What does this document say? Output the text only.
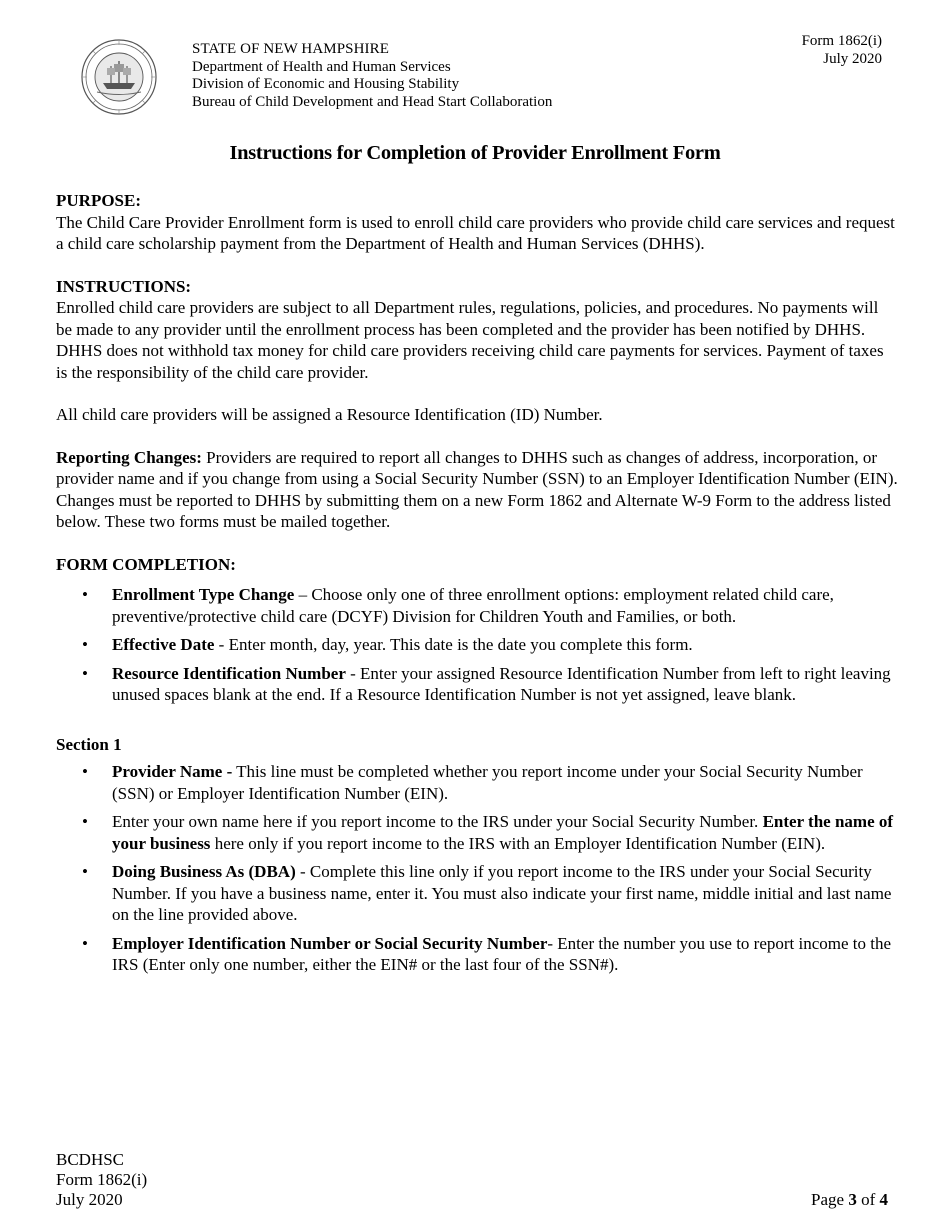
STATE OF NEW HAMPSHIRE
Department of Health and Human Services
Division of Economic and Housing Stability
Bureau of Child Development and Head Start Collaboration
Form 1862(i)
July 2020
Instructions for Completion of Provider Enrollment Form

PURPOSE:

The Child Care Provider Enrollment form is used to enroll child care providers who provide child care services and request a child care scholarship payment from the Department of Health and Human Services (DHHS).

INSTRUCTIONS:

Enrolled child care providers are subject to all Department rules, regulations, policies, and procedures. No payments will be made to any provider until the enrollment process has been completed and the provider has been notified by DHHS. DHHS does not withhold tax money for child care providers receiving child care payments for services. Payment of taxes is the responsibility of the child care provider.

All child care providers will be assigned a Resource Identification (ID) Number.

Reporting Changes: Providers are required to report all changes to DHHS such as changes of address, incorporation, or provider name and if you change from using a Social Security Number (SSN) to an Employer Identification Number (EIN). Changes must be reported to DHHS by submitting them on a new Form 1862 and Alternate W-9 Form to the address listed below. These two forms must be mailed together.

FORM COMPLETION:

• Enrollment Type Change – Choose only one of three enrollment options: employment related child care, preventive/protective child care (DCYF) Division for Children Youth and Families, or both.
• Effective Date - Enter month, day, year. This date is the date you complete this form.
• Resource Identification Number - Enter your assigned Resource Identification Number from left to right leaving unused spaces blank at the end. If a Resource Identification Number is not yet assigned, leave blank.

Section 1

• Provider Name - This line must be completed whether you report income under your Social Security Number (SSN) or Employer Identification Number (EIN).
• Enter your own name here if you report income to the IRS under your Social Security Number. Enter the name of your business here only if you report income to the IRS with an Employer Identification Number (EIN).
• Doing Business As (DBA) - Complete this line only if you report income to the IRS under your Social Security Number. If you have a business name, enter it. You must also indicate your first name, middle initial and last name on the line provided above.
• Employer Identification Number or Social Security Number- Enter the number you use to report income to the IRS (Enter only one number, either the EIN# or the last four of the SSN#).
BCDHSC
Form 1862(i)
July 2020	Page 3 of 4
